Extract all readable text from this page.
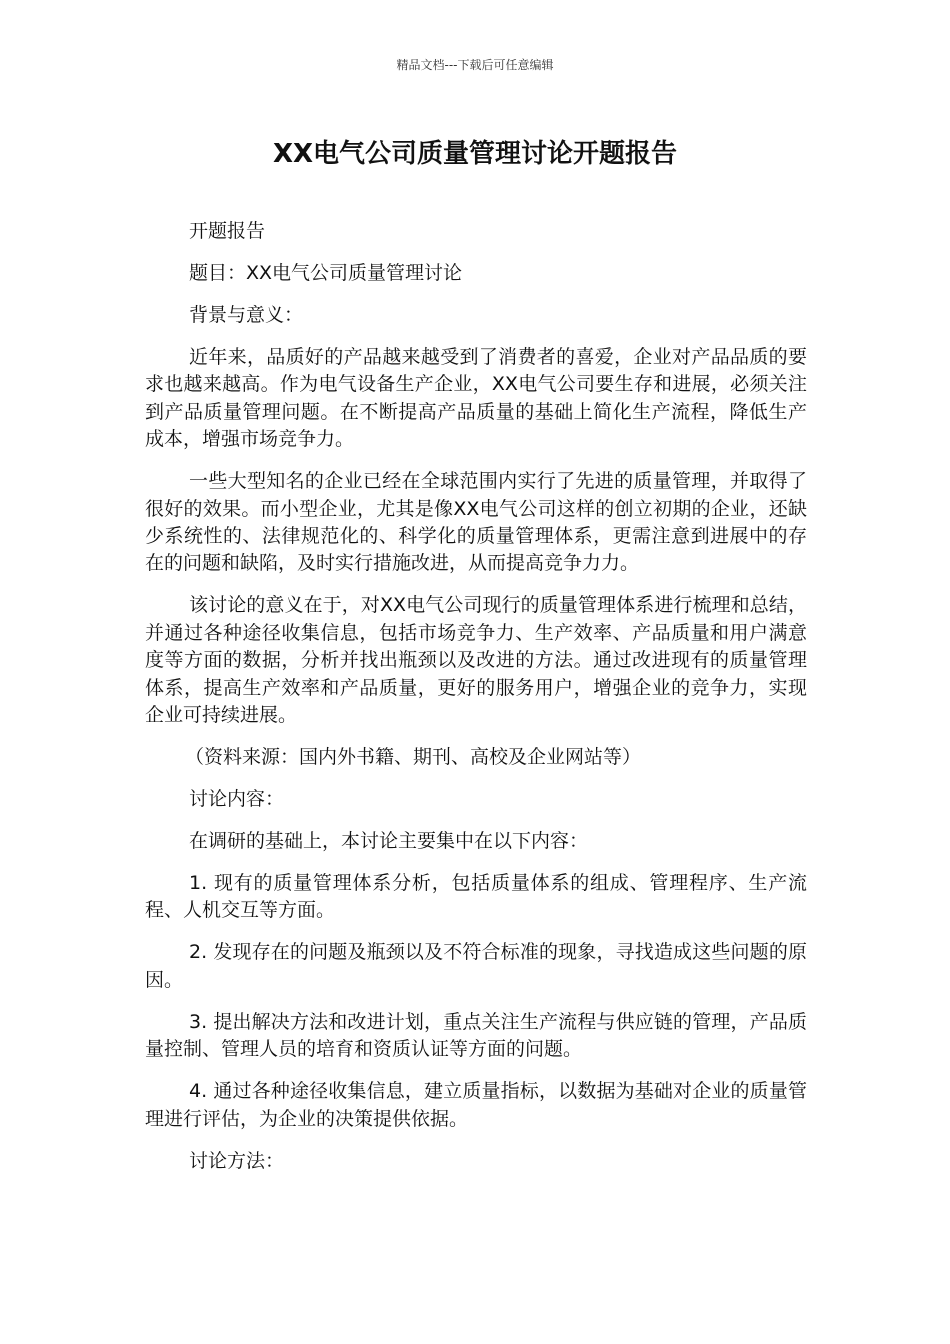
精品文档---下载后可任意编辑
XX电气公司质量管理讨论开题报告

开题报告

题目：XX电气公司质量管理讨论

背景与意义：

近年来，品质好的产品越来越受到了消费者的喜爱，企业对产品品质的要求也越来越高。作为电气设备生产企业，XX电气公司要生存和进展，必须关注到产品质量管理问题。在不断提高产品质量的基础上简化生产流程，降低生产成本，增强市场竞争力。

一些大型知名的企业已经在全球范围内实行了先进的质量管理，并取得了很好的效果。而小型企业，尤其是像XX电气公司这样的创立初期的企业，还缺少系统性的、法律规范化的、科学化的质量管理体系，更需注意到进展中的存在的问题和缺陷，及时实行措施改进，从而提高竞争力力。

该讨论的意义在于，对XX电气公司现行的质量管理体系进行梳理和总结，并通过各种途径收集信息，包括市场竞争力、生产效率、产品质量和用户满意度等方面的数据，分析并找出瓶颈以及改进的方法。通过改进现有的质量管理体系，提高生产效率和产品质量，更好的服务用户，增强企业的竞争力，实现企业可持续进展。

（资料来源：国内外书籍、期刊、高校及企业网站等）

讨论内容：

在调研的基础上，本讨论主要集中在以下内容：

1. 现有的质量管理体系分析，包括质量体系的组成、管理程序、生产流程、人机交互等方面。

2. 发现存在的问题及瓶颈以及不符合标准的现象，寻找造成这些问题的原因。

3. 提出解决方法和改进计划，重点关注生产流程与供应链的管理，产品质量控制、管理人员的培育和资质认证等方面的问题。

4. 通过各种途径收集信息，建立质量指标，以数据为基础对企业的质量管理进行评估，为企业的决策提供依据。

讨论方法：
